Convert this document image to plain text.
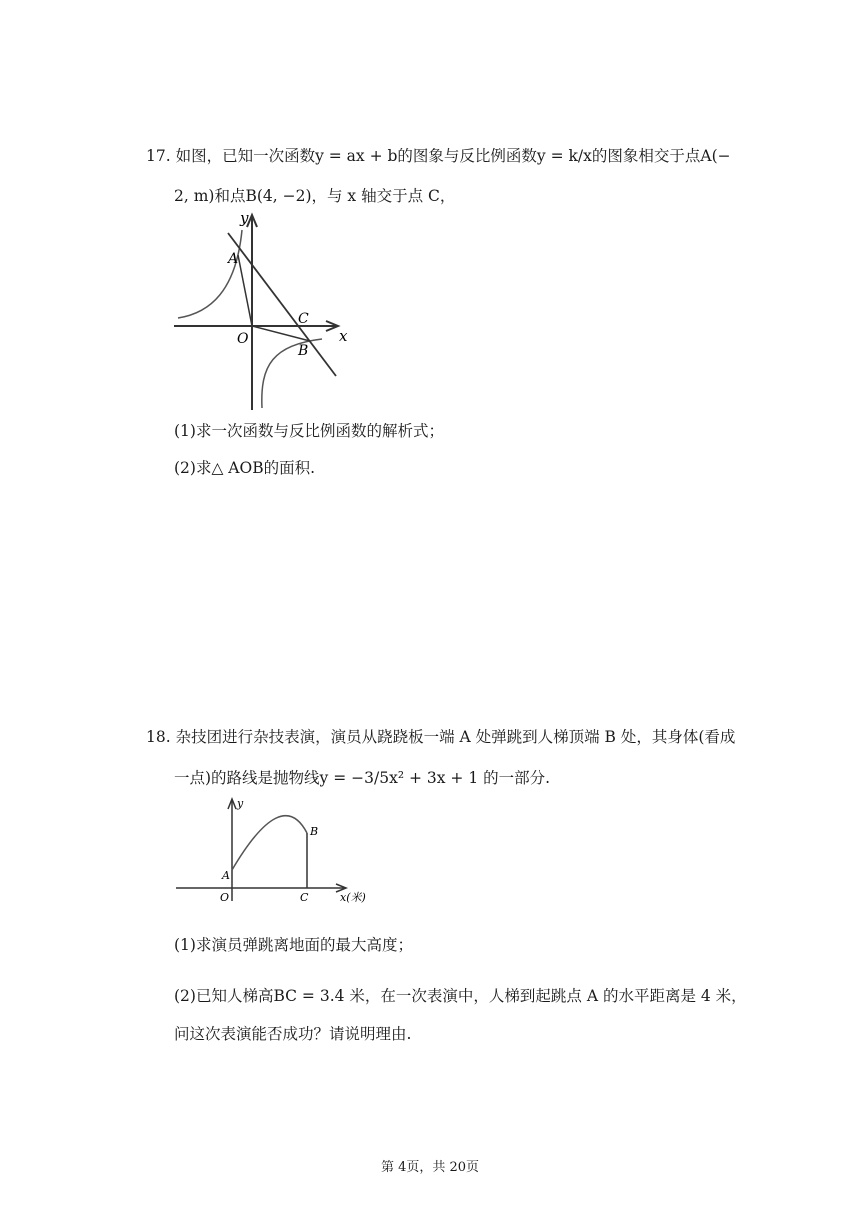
17. 如图，已知一次函数y = ax + b的图象与反比例函数y = k/x的图象相交于点A(−
2, m)和点B(4, −2)，与 x 轴交于点 C，
y
x
A
O
C
B
(1)求一次函数与反比例函数的解析式；
(2)求△ AOB的面积.
18. 杂技团进行杂技表演，演员从跷跷板一端 A 处弹跳到人梯顶端 B 处，其身体(看成
一点)的路线是抛物线y = −3/5x² + 3x + 1 的一部分.
y
x(米)
A
O	C
B
(1)求演员弹跳离地面的最大高度；
(2)已知人梯高BC = 3.4 米，在一次表演中，人梯到起跳点 A 的水平距离是 4 米，
问这次表演能否成功？请说明理由.
第 4页，共 20页
